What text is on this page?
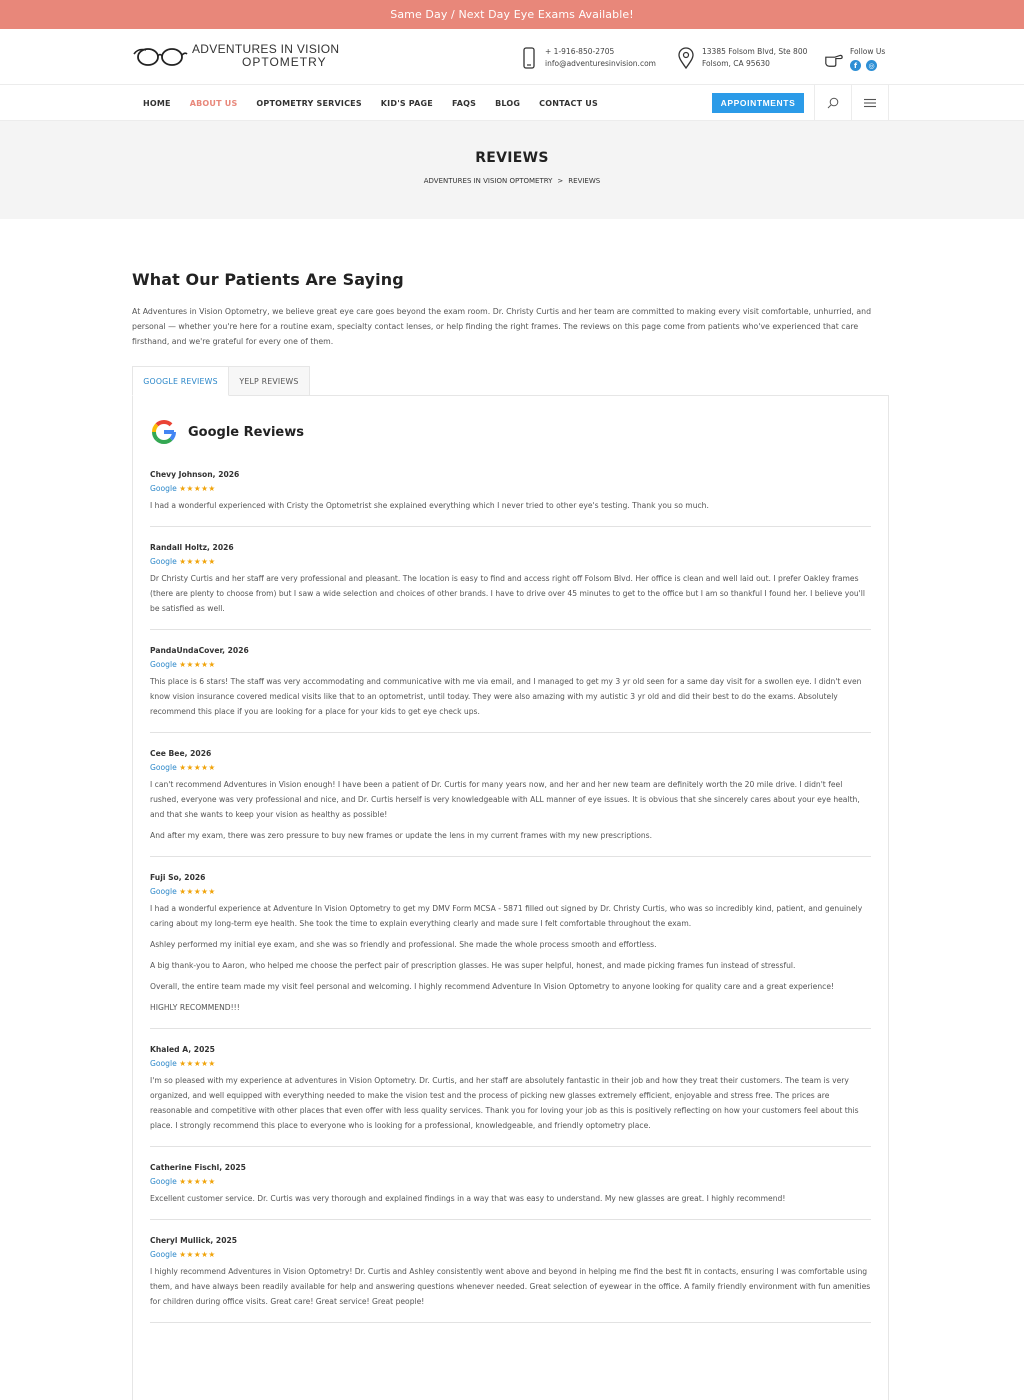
Same Day / Next Day Eye Exams Available!
ADVENTURES IN VISION
OPTOMETRY
+ 1-916-850-2705
info@adventuresinvision.com
13385 Folsom Blvd, Ste 800
Folsom, CA 95630
Follow Us
f	◎
HOME ABOUT US OPTOMETRY SERVICES KID'S PAGE FAQS BLOG CONTACT US	APPOINTMENTS
REVIEWS
ADVENTURES IN VISION OPTOMETRY > REVIEWS
What Our Patients Are Saying

At Adventures in Vision Optometry, we believe great eye care goes beyond the exam room. Dr. Christy Curtis and her team are committed to making every visit comfortable, unhurried, and personal — whether you're here for a routine exam, specialty contact lenses, or help finding the right frames. The reviews on this page come from patients who've experienced that care firsthand, and we're grateful for every one of them.

GOOGLE REVIEWS	YELP REVIEWS
Google Reviews
Chevy Johnson, 2026
Google ★★★★★

I had a wonderful experienced with Cristy the Optometrist she explained everything which I never tried to other eye's testing. Thank you so much.

Randall Holtz, 2026
Google ★★★★★

Dr Christy Curtis and her staff are very professional and pleasant. The location is easy to find and access right off Folsom Blvd. Her office is clean and well laid out. I prefer Oakley frames (there are plenty to choose from) but I saw a wide selection and choices of other brands. I have to drive over 45 minutes to get to the office but I am so thankful I found her. I believe you'll be satisfied as well.

PandaUndaCover, 2026
Google ★★★★★

This place is 6 stars! The staff was very accommodating and communicative with me via email, and I managed to get my 3 yr old seen for a same day visit for a swollen eye. I didn't even know vision insurance covered medical visits like that to an optometrist, until today. They were also amazing with my autistic 3 yr old and did their best to do the exams. Absolutely recommend this place if you are looking for a place for your kids to get eye check ups.

Cee Bee, 2026
Google ★★★★★

I can't recommend Adventures in Vision enough! I have been a patient of Dr. Curtis for many years now, and her and her new team are definitely worth the 20 mile drive. I didn't feel rushed, everyone was very professional and nice, and Dr. Curtis herself is very knowledgeable with ALL manner of eye issues. It is obvious that she sincerely cares about your eye health, and that she wants to keep your vision as healthy as possible!

And after my exam, there was zero pressure to buy new frames or update the lens in my current frames with my new prescriptions.

Fuji So, 2026
Google ★★★★★

I had a wonderful experience at Adventure In Vision Optometry to get my DMV Form MCSA - 5871 filled out signed by Dr. Christy Curtis, who was so incredibly kind, patient, and genuinely caring about my long-term eye health. She took the time to explain everything clearly and made sure I felt comfortable throughout the exam.

Ashley performed my initial eye exam, and she was so friendly and professional. She made the whole process smooth and effortless.

A big thank-you to Aaron, who helped me choose the perfect pair of prescription glasses. He was super helpful, honest, and made picking frames fun instead of stressful.

Overall, the entire team made my visit feel personal and welcoming. I highly recommend Adventure In Vision Optometry to anyone looking for quality care and a great experience!

HIGHLY RECOMMEND!!!

Khaled A, 2025
Google ★★★★★

I'm so pleased with my experience at adventures in Vision Optometry. Dr. Curtis, and her staff are absolutely fantastic in their job and how they treat their customers. The team is very organized, and well equipped with everything needed to make the vision test and the process of picking new glasses extremely efficient, enjoyable and stress free. The prices are reasonable and competitive with other places that even offer with less quality services. Thank you for loving your job as this is positively reflecting on how your customers feel about this place. I strongly recommend this place to everyone who is looking for a professional, knowledgeable, and friendly optometry place.

Catherine Fischl, 2025
Google ★★★★★

Excellent customer service. Dr. Curtis was very thorough and explained findings in a way that was easy to understand. My new glasses are great. I highly recommend!

Cheryl Mullick, 2025
Google ★★★★★

I highly recommend Adventures in Vision Optometry! Dr. Curtis and Ashley consistently went above and beyond in helping me find the best fit in contacts, ensuring I was comfortable using them, and have always been readily available for help and answering questions whenever needed. Great selection of eyewear in the office. A family friendly environment with fun amenities for children during office visits. Great care! Great service! Great people!
